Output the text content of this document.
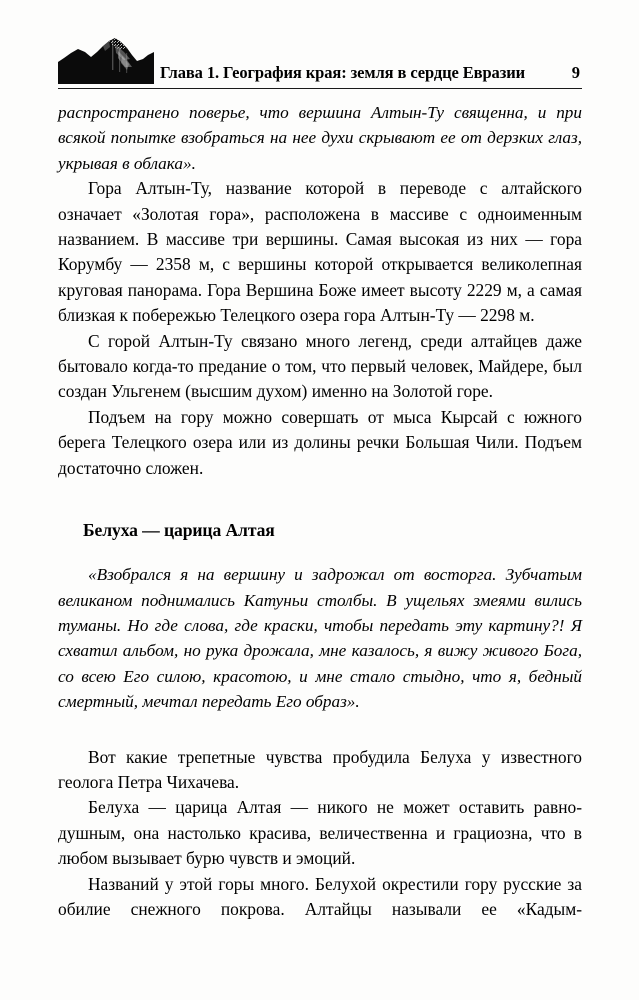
Глава 1. География края: земля в сердце Евразии	9

распространено поверье, что вершина Алтын-Ту священна, и при всякой попытке взобраться на нее духи скрывают ее от дерзких глаз, укрывая в облака».

Гора Алтын-Ту, название которой в переводе с алтайского означает «Золотая гора», расположена в массиве с одноименным названием. В массиве три вершины. Самая высокая из них — гора Корумбу — 2358 м, с вершины которой открывается великолепная круговая панорама. Гора Вершина Боже имеет высоту 2229 м, а самая близкая к побережью Телецкого озера гора Алтын-Ту — 2298 м.

С горой Алтын-Ту связано много легенд, среди алтайцев даже бытовало когда-то предание о том, что первый человек, Майдере, был создан Ульгенем (высшим духом) именно на Золотой горе.

Подъем на гору можно совершать от мыса Кырсай с южного берега Телецкого озера или из долины речки Большая Чили. Подъем достаточно сложен.

Белуха — царица Алтая

«Взобрался я на вершину и задрожал от восторга. Зубчатым великаном поднимались Катуньи столбы. В ущельях змеями вились туманы. Но где слова, где краски, чтобы передать эту картину?! Я схватил альбом, но рука дрожала, мне казалось, я вижу живого Бога, со всею Его силою, красотою, и мне стало стыдно, что я, бедный смертный, мечтал передать Его образ».

Вот какие трепетные чувства пробудила Белуха у известного геолога Петра Чихачева.

Белуха — царица Алтая — никого не может оставить равнодушным, она настолько красива, величественна и грациозна, что в любом вызывает бурю чувств и эмоций.

Названий у этой горы много. Белухой окрестили гору русские за обилие снежного покрова. Алтайцы называли ее «Кадым-
